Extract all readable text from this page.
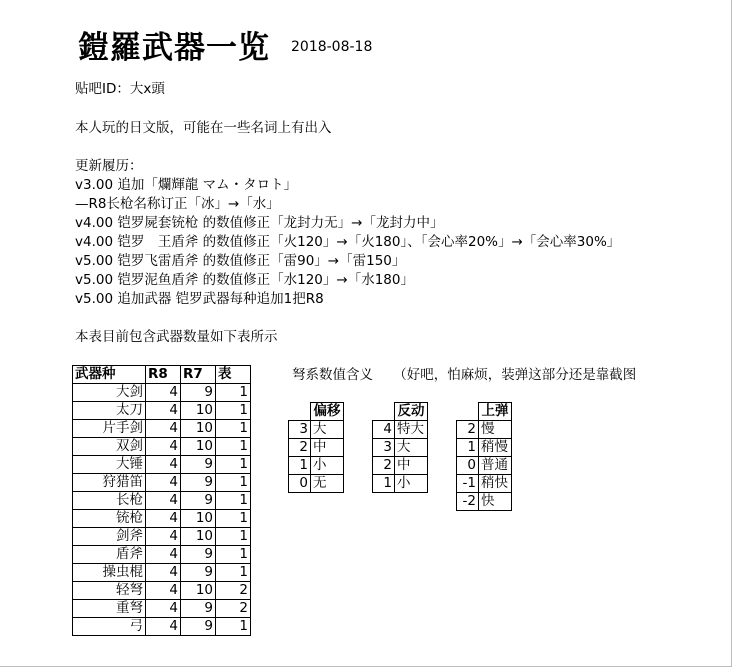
鎧羅武器一览 2018-08-18
贴吧ID：大x頭
本人玩的日文版，可能在一些名词上有出入
更新履历：
v3.00 追加「爛輝龍 マム・タロト」
—R8长枪名称订正「冰」→「水」
v4.00 铠罗屍套铳枪 的数值修正「龙封力无」→「龙封力中」
v4.00 铠罗　王盾斧 的数值修正「火120」→「火180」、「会心率20%」→「会心率30%」
v5.00 铠罗飞雷盾斧 的数值修正「雷90」→「雷150」
v5.00 铠罗泥鱼盾斧 的数值修正「水120」→「水180」
v5.00 追加武器 铠罗武器每种追加1把R8
本表目前包含武器数量如下表所示
武器种	R8	R7	表
大剑	4	9	1
太刀	4	10	1
片手剑	4	10	1
双剑	4	10	1
大锤	4	9	1
狩猎笛	4	9	1
长枪	4	9	1
铳枪	4	10	1
剑斧	4	10	1
盾斧	4	9	1
操虫棍	4	9	1
轻弩	4	10	2
重弩	4	9	2
弓	4	9	1
弩系数值含义　　（好吧，怕麻烦，装弹这部分还是靠截图
	偏移
3	大
2	中
1	小
0	无
	反动
4	特大
3	大
2	中
1	小
	上弹
2	慢
1	稍慢
0	普通
-1	稍快
-2	快
